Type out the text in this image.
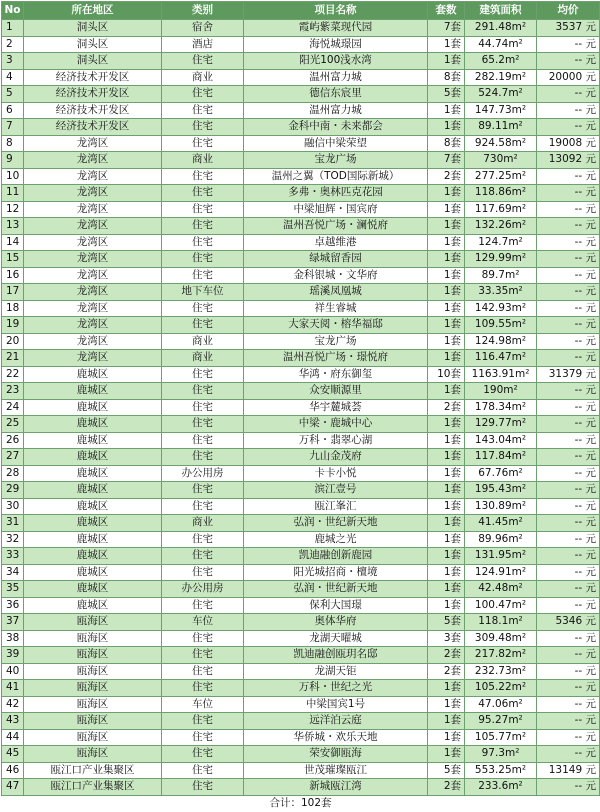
No	所在地区	类别	项目名称	套数	建筑面积	均价
1	洞头区	宿舍	霞屿紫菜现代园	7套	291.48m²	3537 元
2	洞头区	酒店	海悦城璟园	1套	44.74m²	-- 元
3	洞头区	住宅	阳光100浅水湾	1套	65.2m²	-- 元
4	经济技术开发区	商业	温州富力城	8套	282.19m²	20000 元
5	经济技术开发区	住宅	德信东宸里	5套	524.7m²	-- 元
6	经济技术开发区	住宅	温州富力城	1套	147.73m²	-- 元
7	经济技术开发区	住宅	金科中南・未来都会	1套	89.11m²	-- 元
8	龙湾区	住宅	融信中梁荣望	8套	924.58m²	19008 元
9	龙湾区	商业	宝龙广场	7套	730m²	13092 元
10	龙湾区	住宅	温州之翼（TOD国际新城）	2套	277.25m²	-- 元
11	龙湾区	住宅	多弗・奥林匹克花园	1套	118.86m²	-- 元
12	龙湾区	住宅	中梁旭辉・国宾府	1套	117.69m²	-- 元
13	龙湾区	住宅	温州吾悦广场・澜悦府	1套	132.26m²	-- 元
14	龙湾区	住宅	卓越维港	1套	124.7m²	-- 元
15	龙湾区	住宅	绿城留香园	1套	129.99m²	-- 元
16	龙湾区	住宅	金科银城・文华府	1套	89.7m²	-- 元
17	龙湾区	地下车位	瑶溪凤凰城	1套	33.35m²	-- 元
18	龙湾区	住宅	祥生睿城	1套	142.93m²	-- 元
19	龙湾区	住宅	大家天阅・榕华福邸	1套	109.55m²	-- 元
20	龙湾区	商业	宝龙广场	1套	124.98m²	-- 元
21	龙湾区	商业	温州吾悦广场・璟悦府	1套	116.47m²	-- 元
22	鹿城区	住宅	华鸿・府东御玺	10套	1163.91m²	31379 元
23	鹿城区	住宅	众安顺源里	1套	190m²	-- 元
24	鹿城区	住宅	华宇麓城荟	2套	178.34m²	-- 元
25	鹿城区	住宅	中梁・鹿城中心	1套	129.77m²	-- 元
26	鹿城区	住宅	万科・翡翠心湖	1套	143.04m²	-- 元
27	鹿城区	住宅	九山金茂府	1套	117.84m²	-- 元
28	鹿城区	办公用房	卡卡小悦	1套	67.76m²	-- 元
29	鹿城区	住宅	滨江壹号	1套	195.43m²	-- 元
30	鹿城区	住宅	瓯江峯汇	1套	130.89m²	-- 元
31	鹿城区	商业	弘润・世纪新天地	1套	41.45m²	-- 元
32	鹿城区	住宅	鹿城之光	1套	89.96m²	-- 元
33	鹿城区	住宅	凯迪融创新鹿园	1套	131.95m²	-- 元
34	鹿城区	住宅	阳光城招商・檀境	1套	124.91m²	-- 元
35	鹿城区	办公用房	弘润・世纪新天地	1套	42.48m²	-- 元
36	鹿城区	住宅	保利大国璟	1套	100.47m²	-- 元
37	瓯海区	车位	奥体华府	5套	118.1m²	5346 元
38	瓯海区	住宅	龙湖天曜城	3套	309.48m²	-- 元
39	瓯海区	住宅	凯迪融创瓯玥名邸	2套	217.82m²	-- 元
40	瓯海区	住宅	龙湖天钜	2套	232.73m²	-- 元
41	瓯海区	住宅	万科・世纪之光	1套	105.22m²	-- 元
42	瓯海区	车位	中梁国宾1号	1套	47.06m²	-- 元
43	瓯海区	住宅	远洋泊云庭	1套	95.27m²	-- 元
44	瓯海区	住宅	华侨城・欢乐天地	1套	105.77m²	-- 元
45	瓯海区	住宅	荣安御瓯海	1套	97.3m²	-- 元
46	瓯江口产业集聚区	住宅	世茂璀璨瓯江	5套	553.25m²	13149 元
47	瓯江口产业集聚区	住宅	新城瓯江湾	2套	233.6m²	-- 元
合计：102套						
